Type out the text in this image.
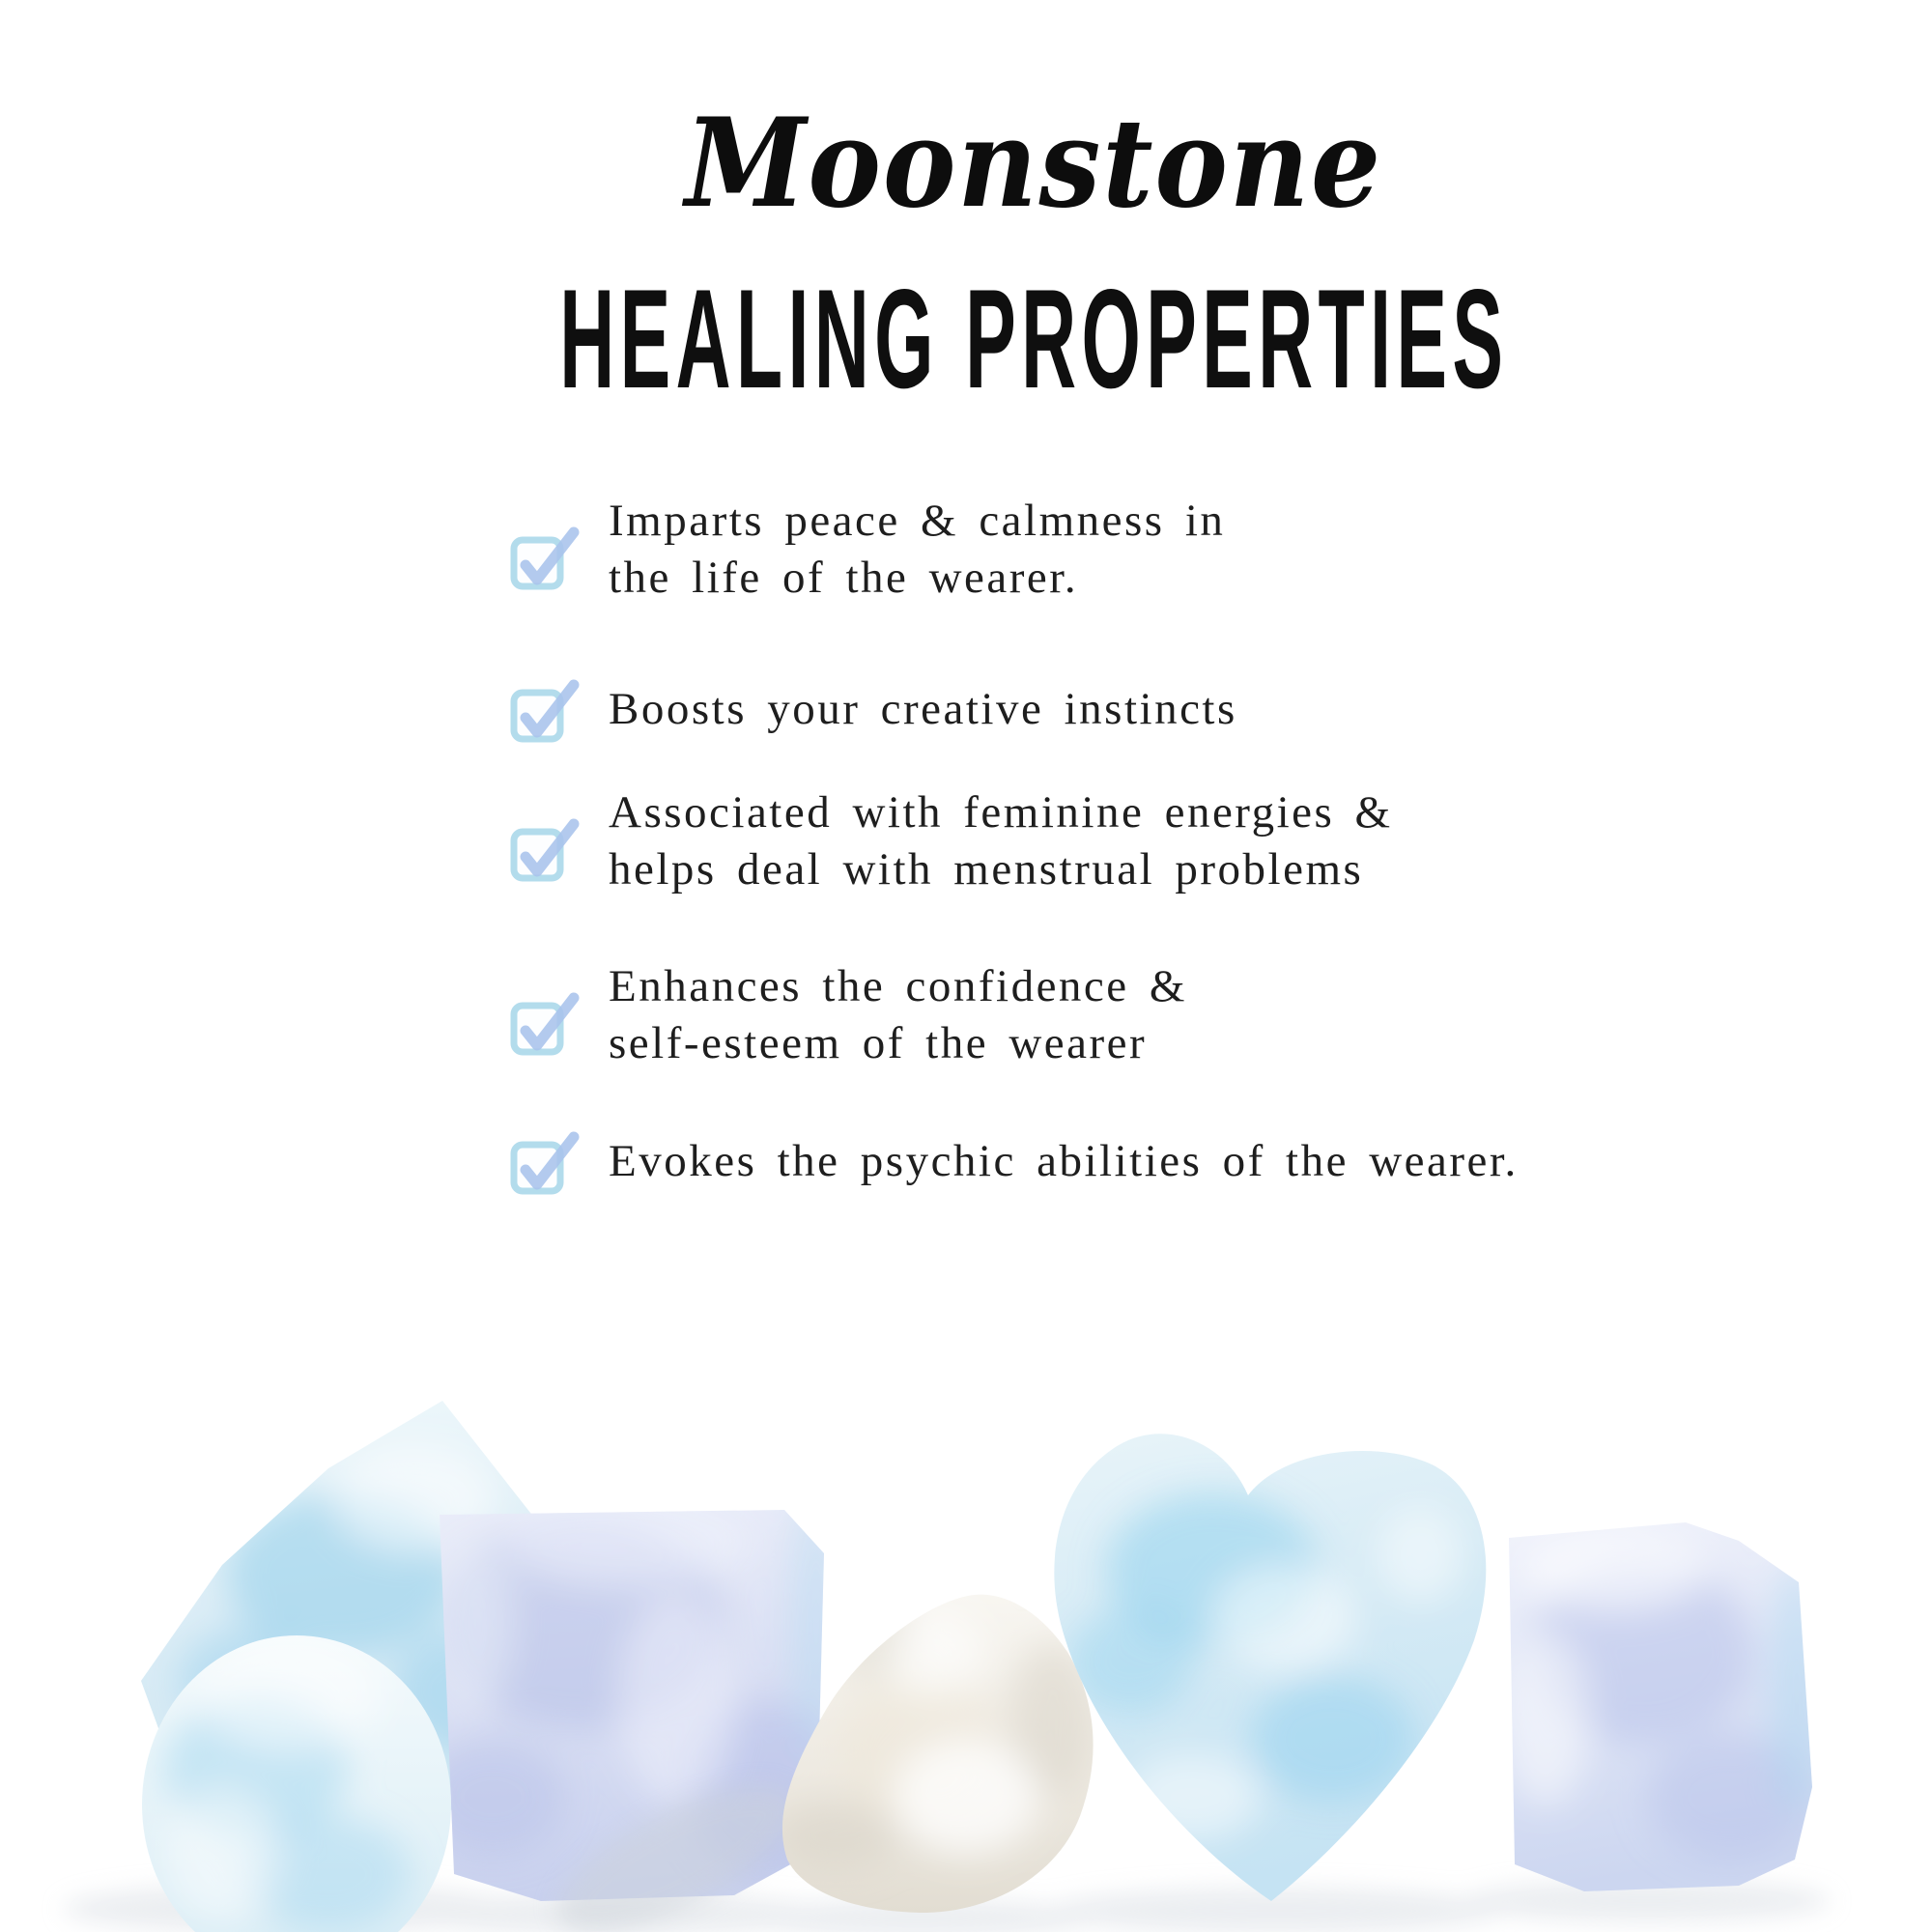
Moonstone
HEALING PROPERTIES
Imparts peace & calmness in
the life of the wearer.
Boosts your creative instincts
Associated with feminine energies &
helps deal with menstrual problems
Enhances the confidence &
self-esteem of the wearer
Evokes the psychic abilities of the wearer.
